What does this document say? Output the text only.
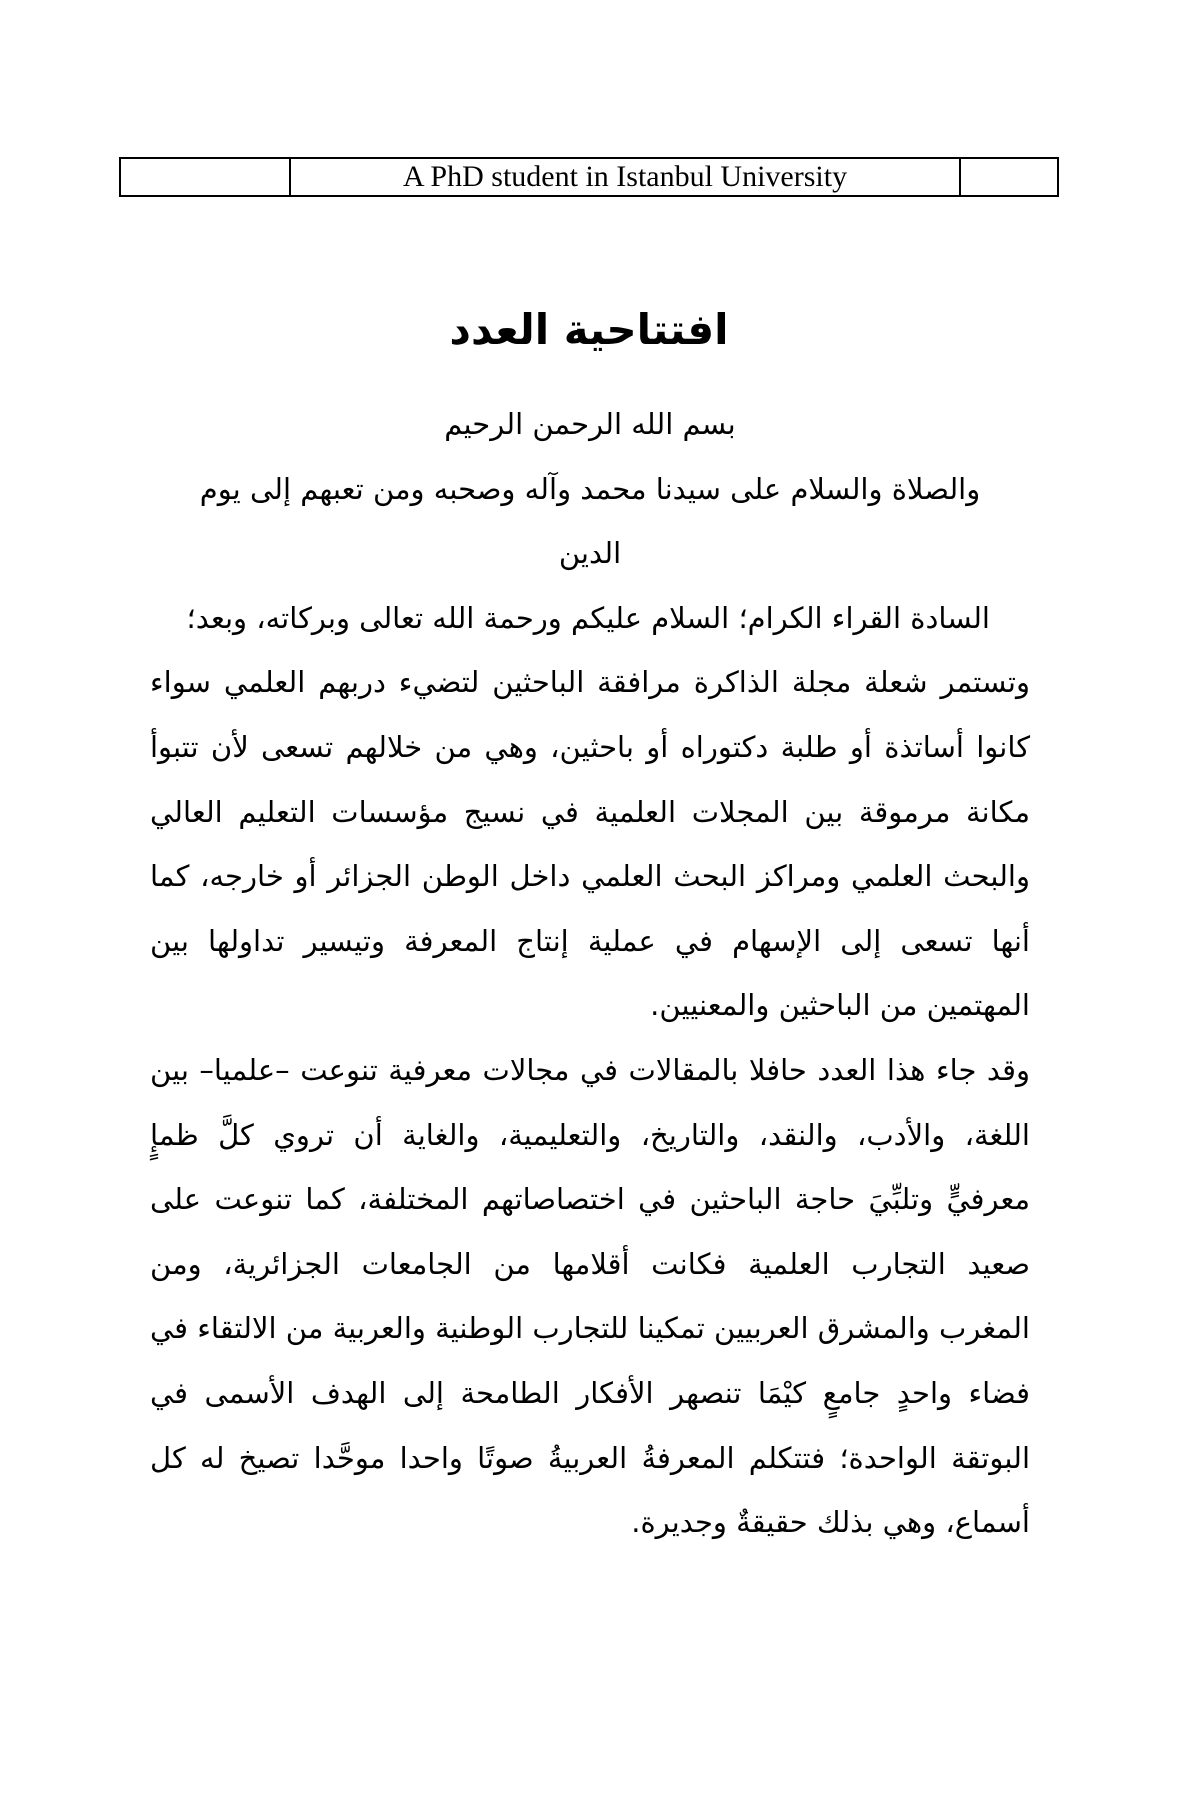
	A PhD student in Istanbul University	
افتتاحية العدد

بسم الله الرحمن الرحيم

والصلاة والسلام على سيدنا محمد وآله وصحبه ومن تعبهم إلى يوم

الدين

السادة القراء الكرام؛ السلام عليكم ورحمة الله تعالى وبركاته، وبعد؛

وتستمر شعلة مجلة الذاكرة مرافقة الباحثين لتضيء دربهم العلمي سواء كانوا أساتذة أو طلبة دكتوراه أو باحثين، وهي من خلالهم تسعى لأن تتبوأ مكانة مرموقة بين المجلات العلمية في نسيج مؤسسات التعليم العالي والبحث العلمي ومراكز البحث العلمي داخل الوطن الجزائر أو خارجه، كما أنها تسعى إلى الإسهام في عملية إنتاج المعرفة وتيسير تداولها بين المهتمين من الباحثين والمعنيين.

وقد جاء هذا العدد حافلا بالمقالات في مجالات معرفية تنوعت –علميا– بين اللغة، والأدب، والنقد، والتاريخ، والتعليمية، والغاية أن تروي كلَّ ظمإٍ معرفيٍّ وتلبِّيَ حاجة الباحثين في اختصاصاتهم المختلفة، كما تنوعت على صعيد التجارب العلمية فكانت أقلامها من الجامعات الجزائرية، ومن المغرب والمشرق العربيين تمكينا للتجارب الوطنية والعربية من الالتقاء في فضاء واحدٍ جامعٍ كيْمَا تنصهر الأفكار الطامحة إلى الهدف الأسمى في البوتقة الواحدة؛ فتتكلم المعرفةُ العربيةُ صوتًا واحدا موحَّدا تصيخ له كل أسماع، وهي بذلك حقيقةٌ وجديرة.
